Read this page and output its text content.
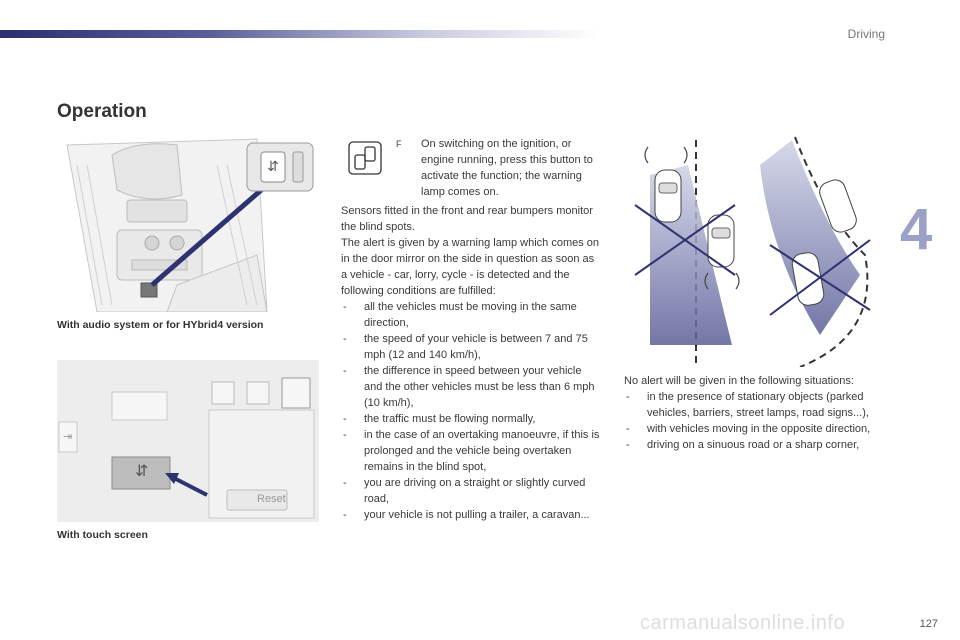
Driving
4
Operation
⇵
With audio system or for HYbrid4 version
⇥
⇵
Reset
With touch screen
F	On switching on the ignition, or engine running, press this button to activate the function; the warning lamp comes on.
Sensors fitted in the front and rear bumpers monitor the blind spots.
The alert is given by a warning lamp which comes on in the door mirror on the side in question as soon as a vehicle - car, lorry, cycle - is detected and the following conditions are fulfilled:
- all the vehicles must be moving in the same direction,
- the speed of your vehicle is between 7 and 75 mph (12 and 140 km/h),
- the difference in speed between your vehicle and the other vehicles must be less than 6 mph (10 km/h),
- the traffic must be flowing normally,
- in the case of an overtaking manoeuvre, if this is prolonged and the vehicle being overtaken remains in the blind spot,
- you are driving on a straight or slightly curved road,
- your vehicle is not pulling a trailer, a caravan...
No alert will be given in the following situations:
- in the presence of stationary objects (parked vehicles, barriers, street lamps, road signs...),
- with vehicles moving in the opposite direction,
- driving on a sinuous road or a sharp corner,
carmanualsonline.info	127
